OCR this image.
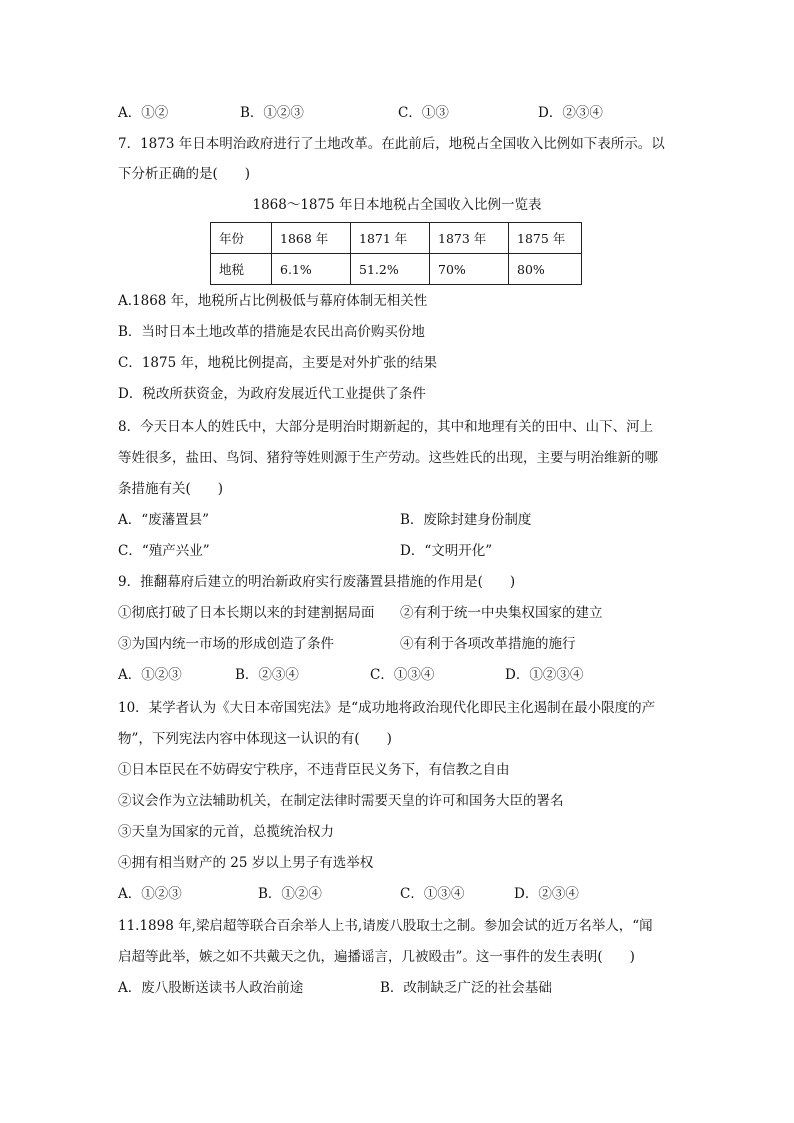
A．①②	B．①②③	C．①③	D．②③④
7．1873 年日本明治政府进行了土地改革。在此前后，地税占全国收入比例如下表所示。以
下分析正确的是(　　)
1868～1875 年日本地税占全国收入比例一览表
年份	1868 年	1871 年	1873 年	1875 年
地税	6.1%	51.2%	70%	80%
A.1868 年，地税所占比例极低与幕府体制无相关性
B．当时日本土地改革的措施是农民出高价购买份地
C．1875 年，地税比例提高，主要是对外扩张的结果
D．税改所获资金，为政府发展近代工业提供了条件
8．今天日本人的姓氏中，大部分是明治时期新起的，其中和地理有关的田中、山下、河上
等姓很多，盐田、鸟饲、猪狩等姓则源于生产劳动。这些姓氏的出现，主要与明治维新的哪
条措施有关(　　)
A．“废藩置县”	B．废除封建身份制度
C．“殖产兴业”	D．“文明开化”
9．推翻幕府后建立的明治新政府实行废藩置县措施的作用是(　　)
①彻底打破了日本长期以来的封建割据局面 ②有利于统一中央集权国家的建立
③为国内统一市场的形成创造了条件	④有利于各项改革措施的施行
A．①②③	B．②③④	C．①③④	D．①②③④
10．某学者认为《大日本帝国宪法》是“成功地将政治现代化即民主化遏制在最小限度的产
物”，下列宪法内容中体现这一认识的有(　　)
①日本臣民在不妨碍安宁秩序，不违背臣民义务下，有信教之自由
②议会作为立法辅助机关，在制定法律时需要天皇的许可和国务大臣的署名
③天皇为国家的元首，总揽统治权力
④拥有相当财产的 25 岁以上男子有选举权
A．①②③	B．①②④	C．①③④	D．②③④
11.1898 年,梁启超等联合百余举人上书,请废八股取士之制。参加会试的近万名举人，“闻
启超等此举，嫉之如不共戴天之仇，遍播谣言，几被殴击”。这一事件的发生表明(　　)
A．废八股断送读书人政治前途	B．改制缺乏广泛的社会基础
